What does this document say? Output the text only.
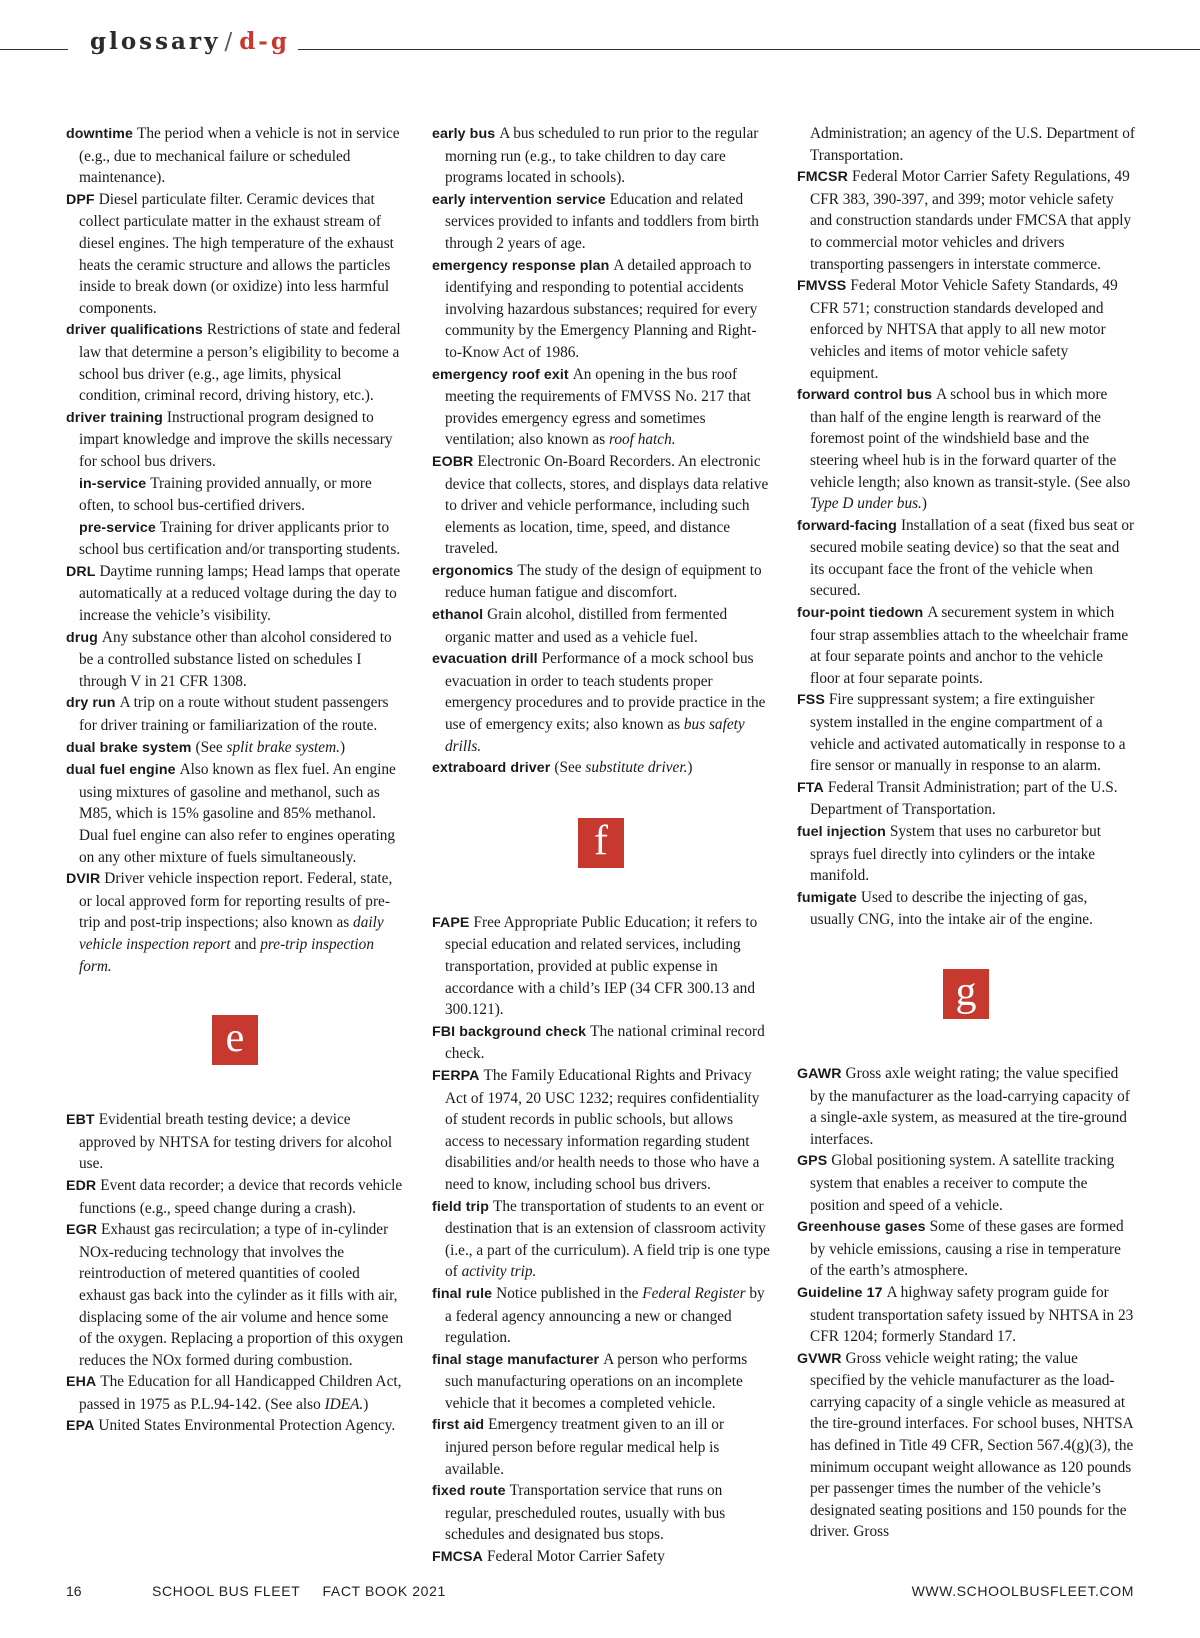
glossary / d-g

downtime The period when a vehicle is not in service (e.g., due to mechanical failure or scheduled maintenance).

DPF Diesel particulate filter. Ceramic devices that collect particulate matter in the exhaust stream of diesel engines. The high temperature of the exhaust heats the ceramic structure and allows the particles inside to break down (or oxidize) into less harmful components.

driver qualifications Restrictions of state and federal law that determine a person’s eligibility to become a school bus driver (e.g., age limits, physical condition, criminal record, driving history, etc.).

driver training Instructional program designed to impart knowledge and improve the skills necessary for school bus drivers.

in-service Training provided annually, or more often, to school bus-certified drivers.

pre-service Training for driver applicants prior to school bus certification and/or transporting students.

DRL Daytime running lamps; Head lamps that operate automatically at a reduced voltage during the day to increase the vehicle’s visibility.

drug Any substance other than alcohol considered to be a controlled substance listed on schedules I through V in 21 CFR 1308.

dry run A trip on a route without student passengers for driver training or familiarization of the route.

dual brake system (See split brake system.)

dual fuel engine Also known as flex fuel. An engine using mixtures of gasoline and methanol, such as M85, which is 15% gasoline and 85% methanol. Dual fuel engine can also refer to engines operating on any other mixture of fuels simultaneously.

DVIR Driver vehicle inspection report. Federal, state, or local approved form for reporting results of pre-trip and post-trip inspections; also known as daily vehicle inspection report and pre-trip inspection form.

e

EBT Evidential breath testing device; a device approved by NHTSA for testing drivers for alcohol use.

EDR Event data recorder; a device that records vehicle functions (e.g., speed change during a crash).

EGR Exhaust gas recirculation; a type of in-cylinder NOx-reducing technology that involves the reintroduction of metered quantities of cooled exhaust gas back into the cylinder as it fills with air, displacing some of the air volume and hence some of the oxygen. Replacing a proportion of this oxygen reduces the NOx formed during combustion.

EHA The Education for all Handicapped Children Act, passed in 1975 as P.L.94-142. (See also IDEA.)

EPA United States Environmental Protection Agency.

early bus A bus scheduled to run prior to the regular morning run (e.g., to take children to day care programs located in schools).

early intervention service Education and related services provided to infants and toddlers from birth through 2 years of age.

emergency response plan A detailed approach to identifying and responding to potential accidents involving hazardous substances; required for every community by the Emergency Planning and Right-to-Know Act of 1986.

emergency roof exit An opening in the bus roof meeting the requirements of FMVSS No. 217 that provides emergency egress and sometimes ventilation; also known as roof hatch.

EOBR Electronic On-Board Recorders. An electronic device that collects, stores, and displays data relative to driver and vehicle performance, including such elements as location, time, speed, and distance traveled.

ergonomics The study of the design of equipment to reduce human fatigue and discomfort.

ethanol Grain alcohol, distilled from fermented organic matter and used as a vehicle fuel.

evacuation drill Performance of a mock school bus evacuation in order to teach students proper emergency procedures and to provide practice in the use of emergency exits; also known as bus safety drills.

extraboard driver (See substitute driver.)

f

FAPE Free Appropriate Public Education; it refers to special education and related services, including transportation, provided at public expense in accordance with a child’s IEP (34 CFR 300.13 and 300.121).

FBI background check The national criminal record check.

FERPA The Family Educational Rights and Privacy Act of 1974, 20 USC 1232; requires confidentiality of student records in public schools, but allows access to necessary information regarding student disabilities and/or health needs to those who have a need to know, including school bus drivers.

field trip The transportation of students to an event or destination that is an extension of classroom activity (i.e., a part of the curriculum). A field trip is one type of activity trip.

final rule Notice published in the Federal Register by a federal agency announcing a new or changed regulation.

final stage manufacturer A person who performs such manufacturing operations on an incomplete vehicle that it becomes a completed vehicle.

first aid Emergency treatment given to an ill or injured person before regular medical help is available.

fixed route Transportation service that runs on regular, prescheduled routes, usually with bus schedules and designated bus stops.

FMCSA Federal Motor Carrier Safety

Administration; an agency of the U.S. Department of Transportation.

FMCSR Federal Motor Carrier Safety Regulations, 49 CFR 383, 390-397, and 399; motor vehicle safety and construction standards under FMCSA that apply to commercial motor vehicles and drivers transporting passengers in interstate commerce.

FMVSS Federal Motor Vehicle Safety Standards, 49 CFR 571; construction standards developed and enforced by NHTSA that apply to all new motor vehicles and items of motor vehicle safety equipment.

forward control bus A school bus in which more than half of the engine length is rearward of the foremost point of the windshield base and the steering wheel hub is in the forward quarter of the vehicle length; also known as transit-style. (See also Type D under bus.)

forward-facing Installation of a seat (fixed bus seat or secured mobile seating device) so that the seat and its occupant face the front of the vehicle when secured.

four-point tiedown A securement system in which four strap assemblies attach to the wheelchair frame at four separate points and anchor to the vehicle floor at four separate points.

FSS Fire suppressant system; a fire extinguisher system installed in the engine compartment of a vehicle and activated automatically in response to a fire sensor or manually in response to an alarm.

FTA Federal Transit Administration; part of the U.S. Department of Transportation.

fuel injection System that uses no carburetor but sprays fuel directly into cylinders or the intake manifold.

fumigate Used to describe the injecting of gas, usually CNG, into the intake air of the engine.

g

GAWR Gross axle weight rating; the value specified by the manufacturer as the load-carrying capacity of a single-axle system, as measured at the tire-ground interfaces.

GPS Global positioning system. A satellite tracking system that enables a receiver to compute the position and speed of a vehicle.

Greenhouse gases Some of these gases are formed by vehicle emissions, causing a rise in temperature of the earth’s atmosphere.

Guideline 17 A highway safety program guide for student transportation safety issued by NHTSA in 23 CFR 1204; formerly Standard 17.

GVWR Gross vehicle weight rating; the value specified by the vehicle manufacturer as the load-carrying capacity of a single vehicle as measured at the tire-ground interfaces. For school buses, NHTSA has defined in Title 49 CFR, Section 567.4(g)(3), the minimum occupant weight allowance as 120 pounds per passenger times the number of the vehicle’s designated seating positions and 150 pounds for the driver. Gross

16	SCHOOL BUS FLEET     FACT BOOK 2021	WWW.SCHOOLBUSFLEET.COM
